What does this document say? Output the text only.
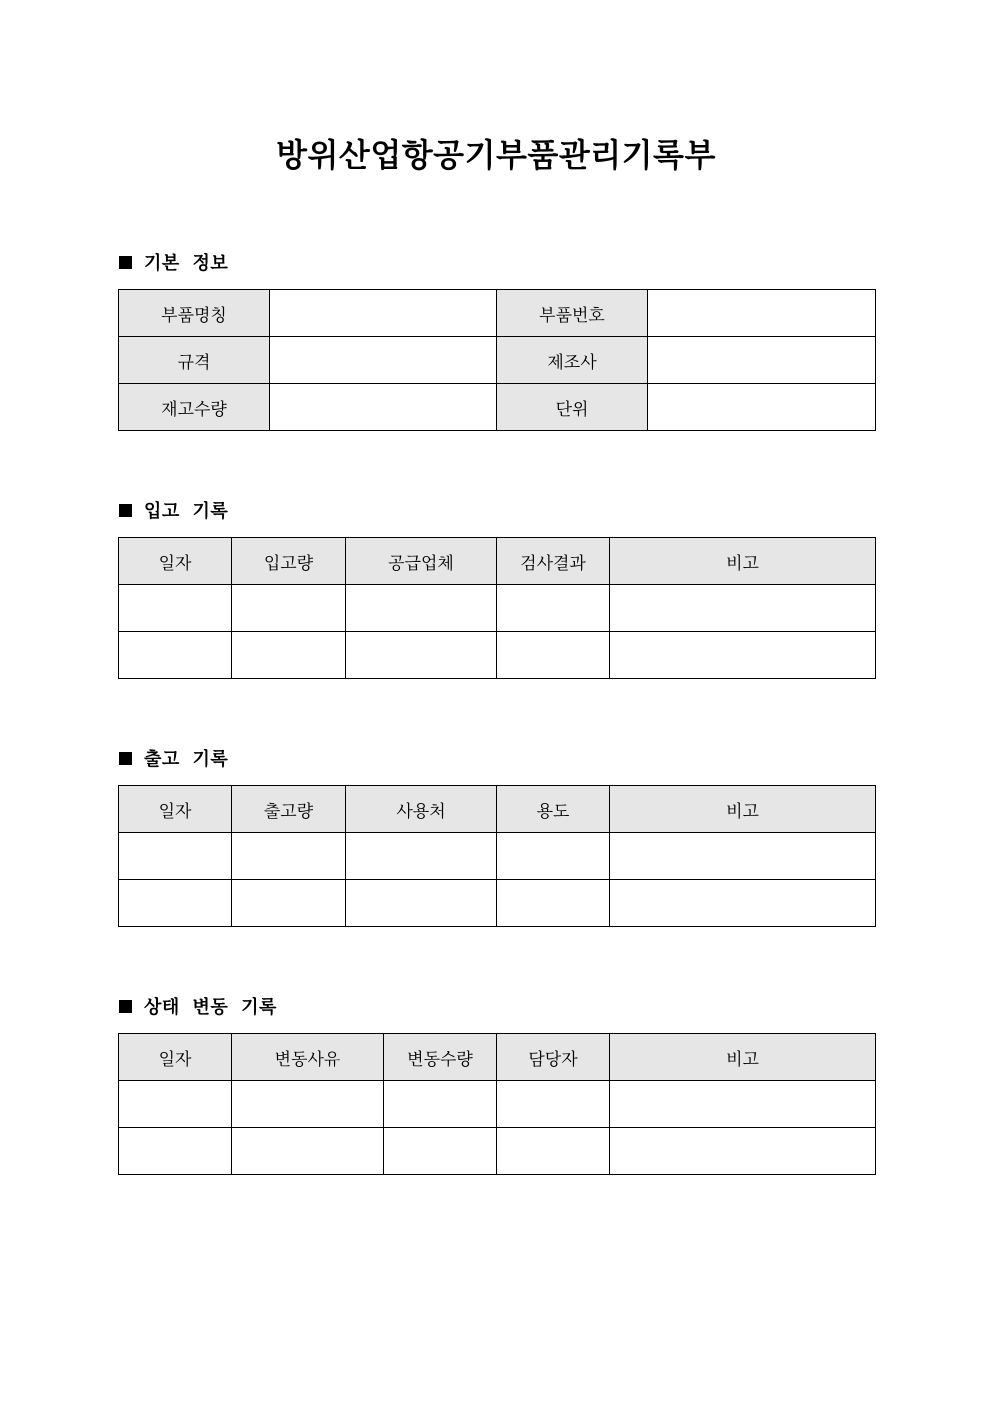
방위산업항공기부품관리기록부
기본 정보
부품명칭		부품번호	
규격		제조사	
재고수량		단위	
입고 기록
일자	입고량	공급업체	검사결과	비고

출고 기록
일자	출고량	사용처	용도	비고

상태 변동 기록
일자	변동사유	변동수량	담당자	비고
